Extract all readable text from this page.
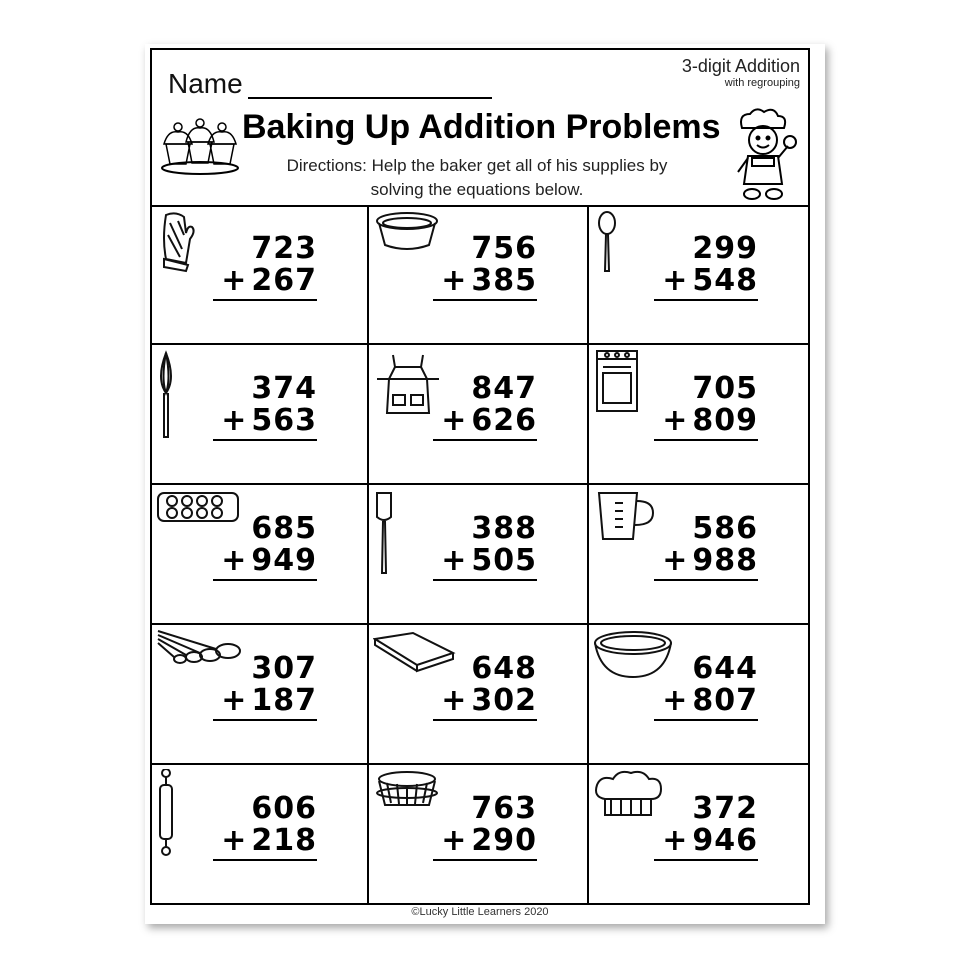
Name
3-digit Addition
with regrouping
Baking Up Addition Problems
Directions: Help the baker get all of his supplies by
solving the equations below.
723
+ 267
756
+ 385
299
+ 548
374
+ 563
847
+ 626
705
+ 809
685
+ 949
388
+ 505
586
+ 988
307
+ 187
648
+ 302
644
+ 807
606
+ 218
763
+ 290
372
+ 946
©Lucky Little Learners 2020
